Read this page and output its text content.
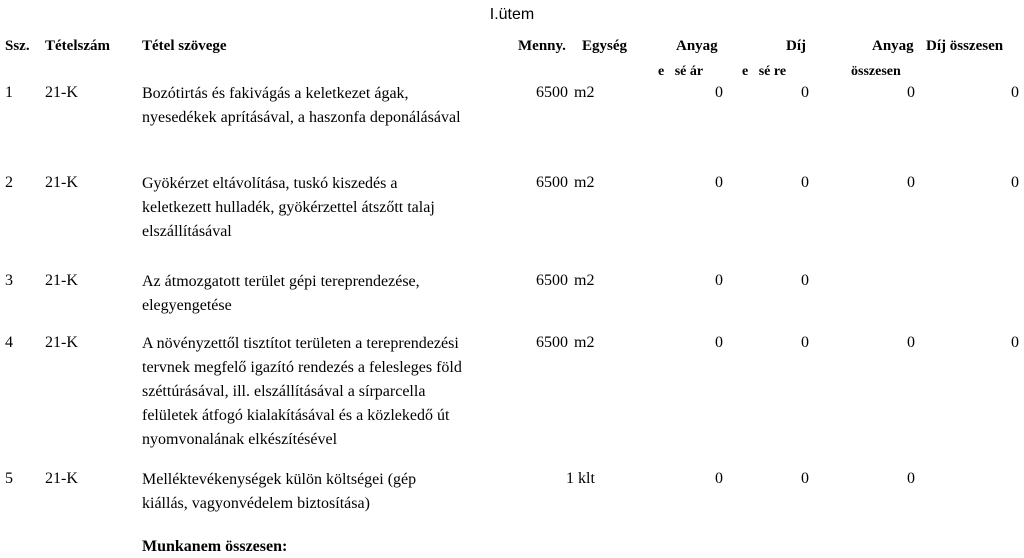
I.ütem
Ssz. Tételszám Tétel szövege	Menny. Egység	Anyag	Díj	Anyag Díj összesen
e   sé ár	e   sé re	összesen
1 21-K	Bozótirtás és fakivágás a keletkezet ágak,
nyesedékek aprításával, a haszonfa deponálásával
6500 m2	0	0	0	0
2 21-K	Gyökérzet eltávolítása, tuskó kiszedés a
keletkezett hulladék, gyökérzettel átszőtt talaj
elszállításával
6500 m2	0	0	0	0
3 21-K	Az átmozgatott terület gépi tereprendezése,
elegyengetése
6500 m2	0	0
4 21-K	A növényzettől tisztítot területen a tereprendezési
tervnek megfelő igazító rendezés a felesleges föld
széttúrásával, ill. elszállításával a sírparcella
felületek átfogó kialakításával és a közlekedő út
nyomvonalának elkészítésével
6500 m2	0	0	0	0
5 21-K	Melléktevékenységek külön költségei (gép
kiállás, vagyonvédelem biztosítása)
1 klt	0	0	0
Munkanem összesen:
